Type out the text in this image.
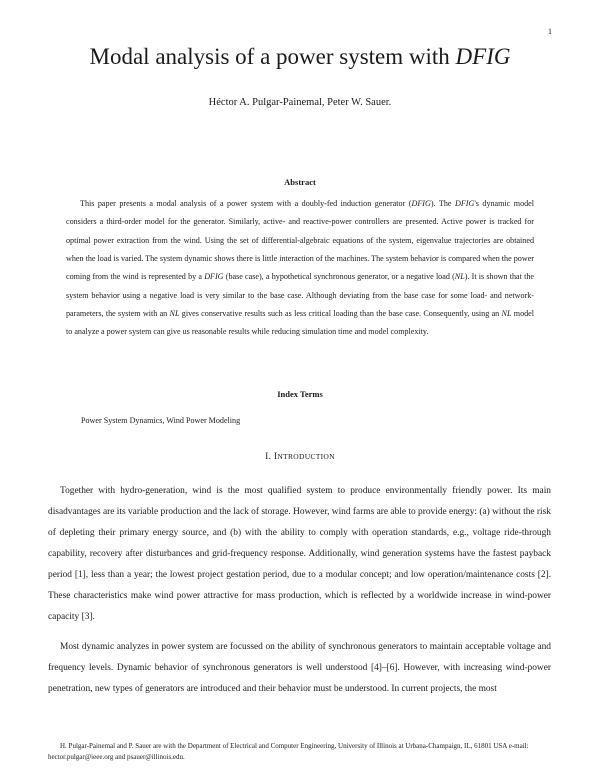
1
Modal analysis of a power system with DFIG
Héctor A. Pulgar-Painemal, Peter W. Sauer.
Abstract

This paper presents a modal analysis of a power system with a doubly-fed induction generator (DFIG). The DFIG's dynamic model considers a third-order model for the generator. Similarly, active- and reactive-power controllers are presented. Active power is tracked for optimal power extraction from the wind. Using the set of differential-algebraic equations of the system, eigenvalue trajectories are obtained when the load is varied. The system dynamic shows there is little interaction of the machines. The system behavior is compared when the power coming from the wind is represented by a DFIG (base case), a hypothetical synchronous generator, or a negative load (NL). It is shown that the system behavior using a negative load is very similar to the base case. Although deviating from the base case for some load- and network- parameters, the system with an NL gives conservative results such as less critical loading than the base case. Consequently, using an NL model to analyze a power system can give us reasonable results while reducing simulation time and model complexity.

Index Terms
Power System Dynamics, Wind Power Modeling
I. INTRODUCTION

Together with hydro-generation, wind is the most qualified system to produce environmentally friendly power. Its main disadvantages are its variable production and the lack of storage. However, wind farms are able to provide energy: (a) without the risk of depleting their primary energy source, and (b) with the ability to comply with operation standards, e.g., voltage ride-through capability, recovery after disturbances and grid-frequency response. Additionally, wind generation systems have the fastest payback period [1], less than a year; the lowest project gestation period, due to a modular concept; and low operation/maintenance costs [2]. These characteristics make wind power attractive for mass production, which is reflected by a worldwide increase in wind-power capacity [3].

Most dynamic analyzes in power system are focussed on the ability of synchronous generators to maintain acceptable voltage and frequency levels. Dynamic behavior of synchronous generators is well understood [4]–[6]. However, with increasing wind-power penetration, new types of generators are introduced and their behavior must be understood. In current projects, the most

H. Pulgar-Painemal and P. Sauer are with the Department of Electrical and Computer Engineering, University of Illinois at Urbana-Champaign, IL, 61801 USA e-mail: hector.pulgar@ieee.org and psauer@illinois.edu.
